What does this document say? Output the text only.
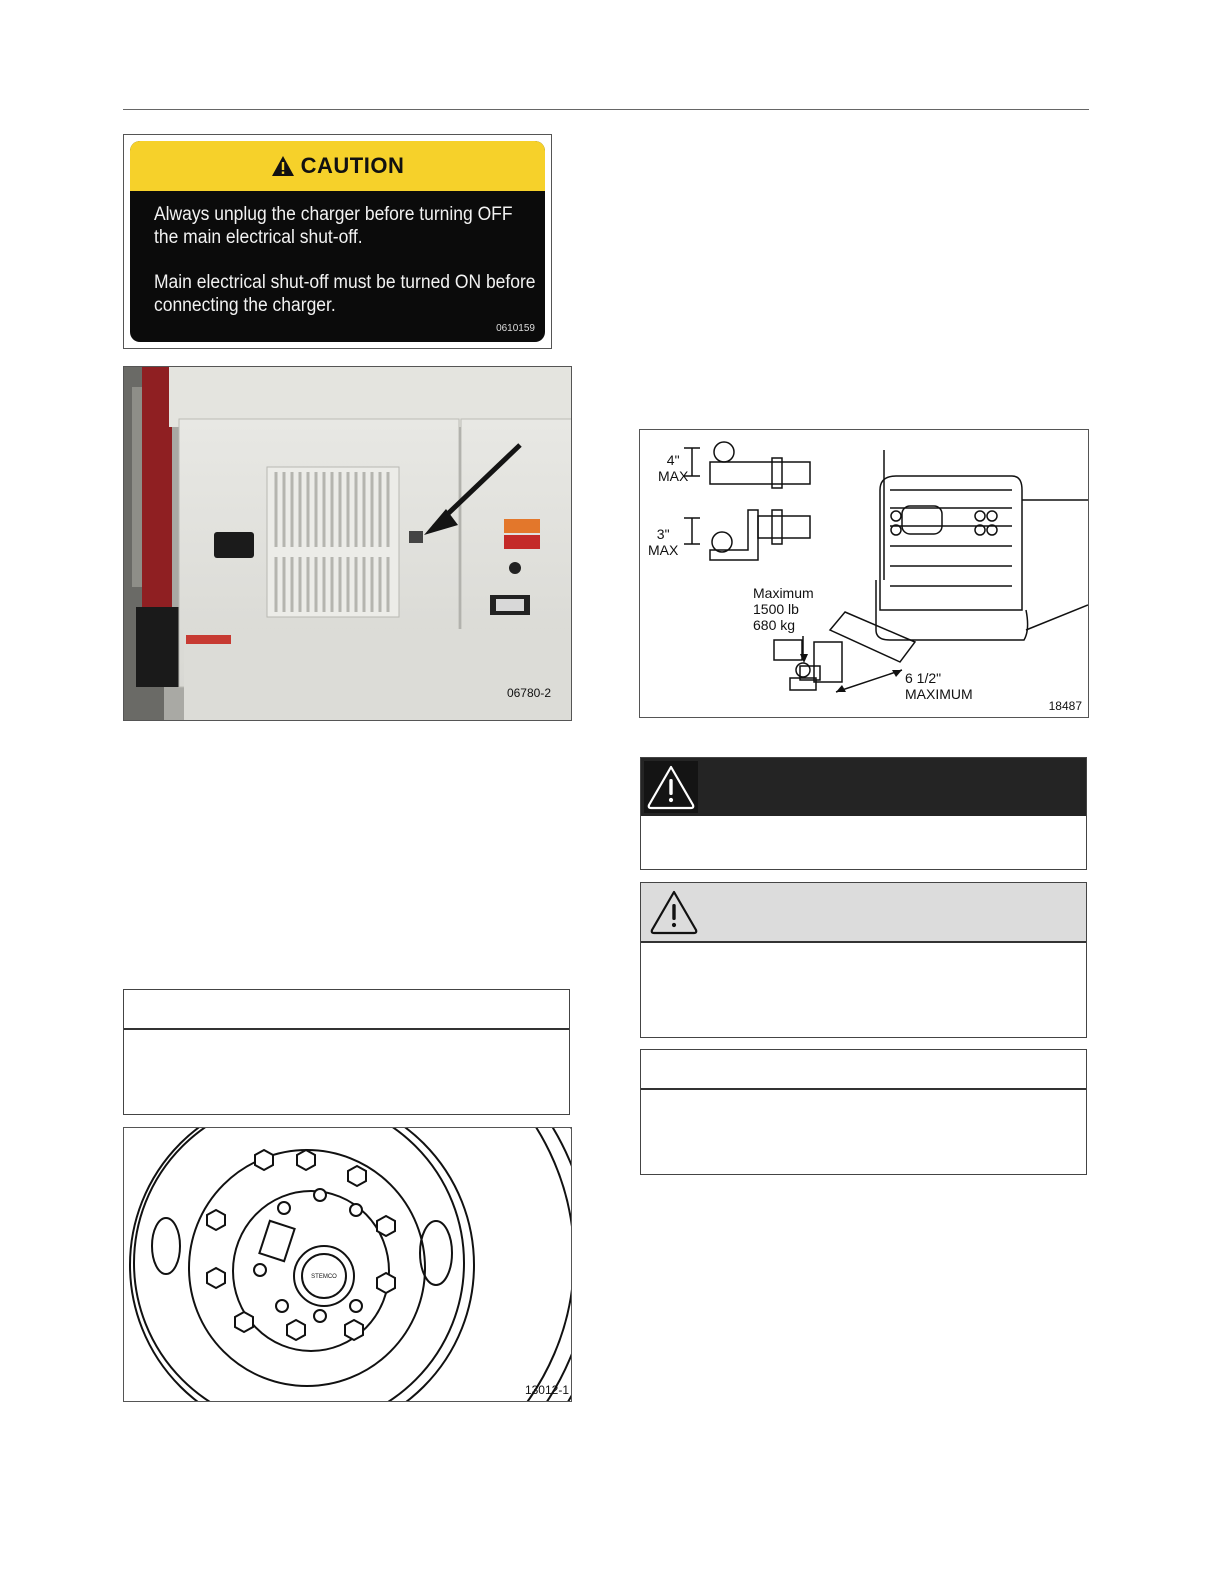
CAUTION

Always unplug the charger before turning OFF

the main electrical shut-off.

Main electrical shut-off must be turned ON before

connecting the charger.

0610159
06780-2
STEMCO
13012-1
4"
MAX
3"
MAX
Maximum
1500 lb
680 kg
6 1/2"
MAXIMUM
18487
